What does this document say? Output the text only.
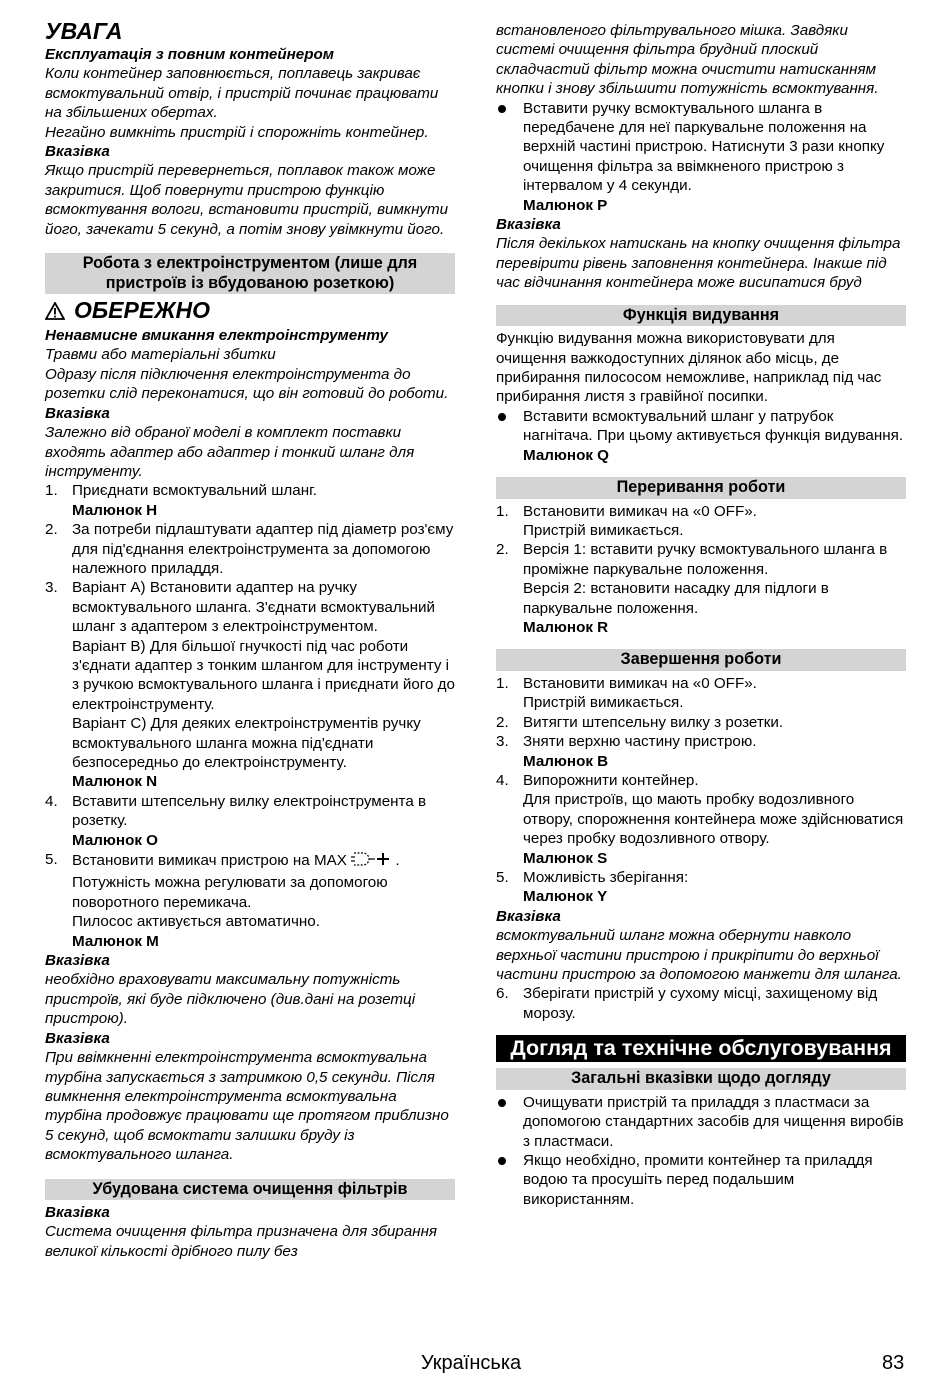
УВАГА

Експлуатація з повним контейнером

Коли контейнер заповнюється, поплавець закриває всмоктувальний отвір, і пристрій починає працювати на збільшених обертах.

Негайно вимкніть пристрій і спорожніть контейнер.

Вказівка

Якщо пристрій перевернеться, поплавок також може закритися. Щоб повернути пристрою функцію всмоктування вологи, встановити пристрій, вимкнути його, зачекати 5 секунд, а потім знову увімкнути його.

Робота з електроінструментом (лише для пристроїв із вбудованою розеткою)

ОБЕРЕЖНО

Ненавмисне вмикання електроінструменту

Травми або матеріальні збитки

Одразу після підключення електроінструмента до розетки слід переконатися, що він готовий до роботи.

Вказівка

Залежно від обраної моделі в комплект поставки входять адаптер або адаптер і тонкий шланг для інструменту.

1. Приєднати всмоктувальний шланг.
Малюнок H
2. За потреби підлаштувати адаптер під діаметр роз'єму для під'єднання електроінструмента за допомогою належного приладдя.
3. Варіант A) Встановити адаптер на ручку всмоктувального шланга. З'єднати всмоктувальний шланг з адаптером з електроінструментом.
Варіант B) Для більшої гнучкості під час роботи з'єднати адаптер з тонким шлангом для інструменту і з ручкою всмоктувального шланга і приєднати його до електроінструменту.
Варіант C) Для деяких електроінструментів ручку всмоктувального шланга можна під'єднати безпосередньо до електроінструменту.
Малюнок N
4. Вставити штепсельну вилку електроінструмента в розетку.
Малюнок O
5. Встановити вимикач пристрою на MAX	.
Потужність можна регулювати за допомогою поворотного перемикача.
Пилосос активується автоматично.
Малюнок M

Вказівка

необхідно враховувати максимальну потужність пристроїв, які буде підключено (див.дані на розетці пристрою).

Вказівка

При ввімкненні електроінструмента всмоктувальна турбіна запускається з затримкою 0,5 секунди. Після вимкнення електроінструмента всмоктувальна турбіна продовжує працювати ще протягом приблизно 5 секунд, щоб всмоктати залишки бруду із всмоктувального шланга.

Убудована система очищення фільтрів

Вказівка

Система очищення фільтра призначена для збирання великої кількості дрібного пилу без

встановленого фільтрувального мішка. Завдяки системі очищення фільтра брудний плоский складчастий фільтр можна очистити натисканням кнопки і знову збільшити потужність всмоктування.

Вставити ручку всмоктувального шланга в передбачене для неї паркувальне положення на верхній частині пристрою. Натиснути 3 рази кнопку очищення фільтра за ввімкненого пристрою з інтервалом у 4 секунди.
Малюнок P

Вказівка

Після декількох натискань на кнопку очищення фільтра перевірити рівень заповнення контейнера. Інакше під час відчинання контейнера може висипатися бруд

Функція видування

Функцію видування можна використовувати для очищення важкодоступних ділянок або місць, де прибирання пилососом неможливе, наприклад під час прибирання листя з гравійної посипки.

Вставити всмоктувальний шланг у патрубок нагнітача. При цьому активується функція видування.
Малюнок Q
Переривання роботи
1. Встановити вимикач на «0 OFF».
Пристрій вимикається.
2. Версія 1: вставити ручку всмоктувального шланга в проміжне паркувальне положення.
Версія 2: встановити насадку для підлоги в паркувальне положення.
Малюнок R
Завершення роботи
1. Встановити вимикач на «0 OFF».
Пристрій вимикається.
2. Витягти штепсельну вилку з розетки.
3. Зняти верхню частину пристрою.
Малюнок B
4. Випорожнити контейнер.
Для пристроїв, що мають пробку водозливного отвору, спорожнення контейнера може здійснюватися через пробку водозливного отвору.
Малюнок S
5. Можливість зберігання:
Малюнок Y

Вказівка

всмоктувальний шланг можна обернути навколо верхньої частини пристрою і прикріпити до верхньої частини пристрою за допомогою манжети для шланга.

6. Зберігати пристрій у сухому місці, захищеному від морозу.
Догляд та технічне обслуговування
Загальні вказівки щодо догляду
Очищувати пристрій та приладдя з пластмаси за допомогою стандартних засобів для чищення виробів з пластмаси.
Якщо необхідно, промити контейнер та приладдя водою та просушіть перед подальшим використанням.
Українська	83
